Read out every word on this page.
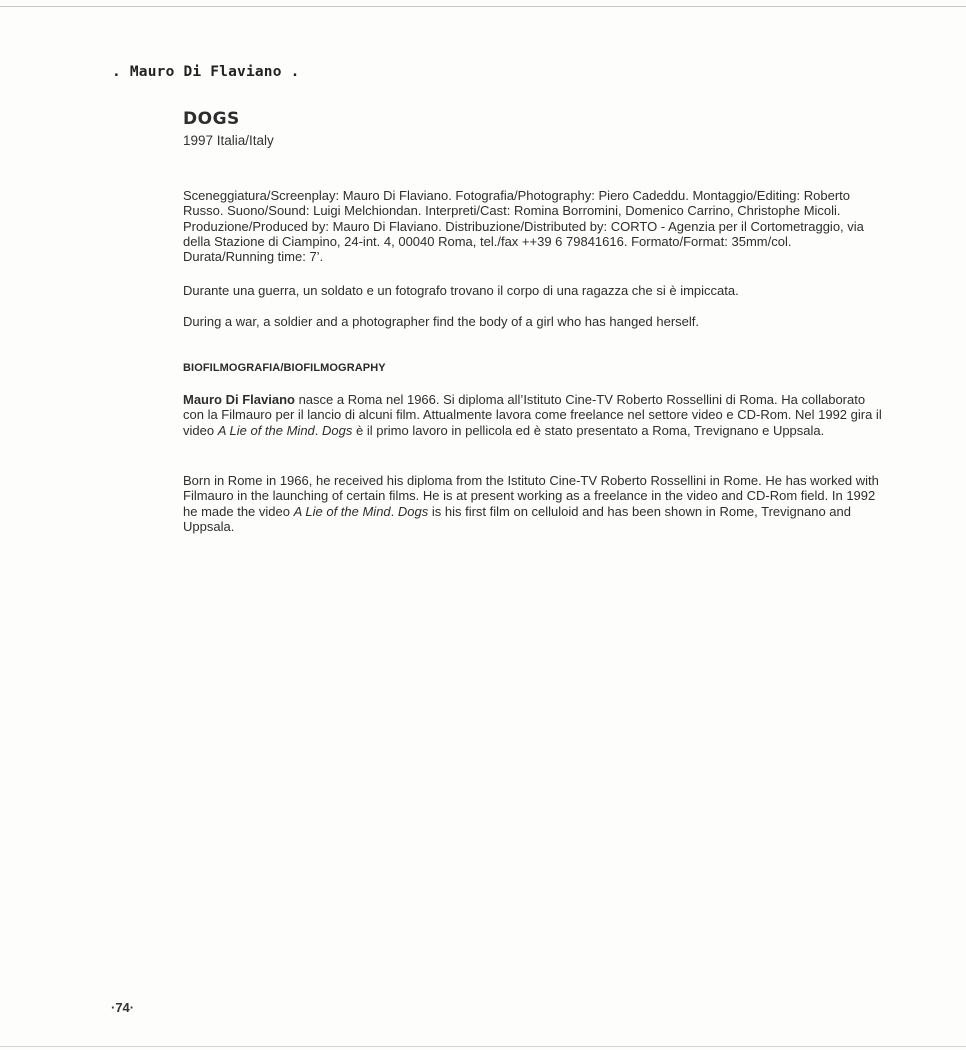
. Mauro Di Flaviano .
DOGS
1997 Italia/Italy

Sceneggiatura/Screenplay: Mauro Di Flaviano. Fotografia/Photography: Piero Cadeddu. Montaggio/Editing: Roberto Russo. Suono/Sound: Luigi Melchiondan. Interpreti/Cast: Romina Borromini, Domenico Carrino, Christophe Micoli. Produzione/Produced by: Mauro Di Flaviano. Distribuzione/Distributed by: CORTO - Agenzia per il Cortometraggio, via della Stazione di Ciampino, 24-int. 4, 00040 Roma, tel./fax ++39 6 79841616. Formato/Format: 35mm/col. Durata/Running time: 7’.

Durante una guerra, un soldato e un fotografo trovano il corpo di una ragazza che si è impiccata.

During a war, a soldier and a photographer find the body of a girl who has hanged herself.

BIOFILMOGRAFIA/BIOFILMOGRAPHY

Mauro Di Flaviano nasce a Roma nel 1966. Si diploma all’Istituto Cine-TV Roberto Rossellini di Roma. Ha collaborato con la Filmauro per il lancio di alcuni film. Attualmente lavora come freelance nel settore video e CD-Rom. Nel 1992 gira il video A Lie of the Mind. Dogs è il primo lavoro in pellicola ed è stato presentato a Roma, Trevignano e Uppsala.

Born in Rome in 1966, he received his diploma from the Istituto Cine-TV Roberto Rossellini in Rome. He has worked with Filmauro in the launching of certain films. He is at present working as a freelance in the video and CD-Rom field. In 1992 he made the video A Lie of the Mind. Dogs is his first film on celluloid and has been shown in Rome, Trevignano and Uppsala.

·74·
